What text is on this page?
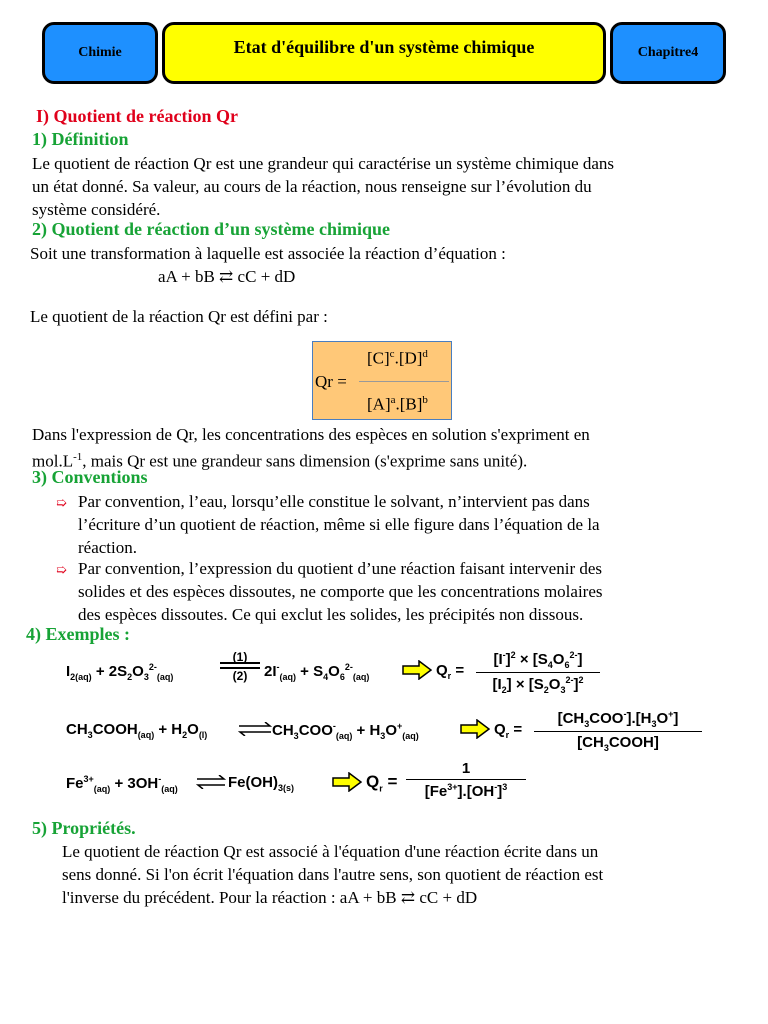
Chimie	Etat d'équilibre d'un système chimique	Chapitre4
I) Quotient de réaction Qr
1) Définition
Le quotient de réaction Qr est une grandeur qui caractérise un système chimique dans
un état donné. Sa valeur, au cours de la réaction, nous renseigne sur l’évolution du
système considéré.
2) Quotient de réaction d’un système chimique
Soit une transformation à laquelle est associée la réaction d’équation :
aA + bB ⇄ cC + dD
Le quotient de la réaction Qr est défini par :
Qr =
$[C]^c.[D]^d$
$[A]^a.[B]^b$
Dans l'expression de Qr, les concentrations des espèces en solution s'expriment en
$mol.L^{-1}$, mais Qr est une grandeur sans dimension (s'exprime sans unité).
3) Conventions
➯ Par convention, l’eau, lorsqu’elle constitue le solvant, n’intervient pas dans
l’écriture d’un quotient de réaction, même si elle figure dans l’équation de la
réaction.
➯ Par convention, l’expression du quotient d’une réaction faisant intervenir des
solides et des espèces dissoutes, ne comporte que les concentrations molaires
des espèces dissoutes. Ce qui exclut les solides, les précipités non dissous.
4) Exemples :
$I_{2(aq)} + 2S_2O_3^{2-}_{(aq)}$
(1)

(2)	$2I^-_{(aq)} + S_4O_6^{2-}_{(aq)}$	$Q_r$ =
$[I^-]^2 \times [S_4O_6^{2-}]$
$[I_2] \times [S_2O_3^{2-}]^2$
$CH_3COOH_{(aq)} + H_2O_{(l)}$ ⇌ $CH_3COO^-_{(aq)} + H_3O^+_{(aq)}$	$Q_r$ =
$[CH_3COO^-].[H_3O^+]$
$[CH_3COOH]$
$Fe^{3+}_{(aq)} + 3OH^-_{(aq)}$ ⇌ $Fe(OH)_{3(s)}$	$Q_r$ =
1
$[Fe^{3+}].[OH^-]^3$
5) Propriétés.
Le quotient de réaction Qr est associé à l'équation d'une réaction écrite dans un
sens donné. Si l'on écrit l'équation dans l'autre sens, son quotient de réaction est
l'inverse du précédent. Pour la réaction : aA + bB ⇄ cC + dD
